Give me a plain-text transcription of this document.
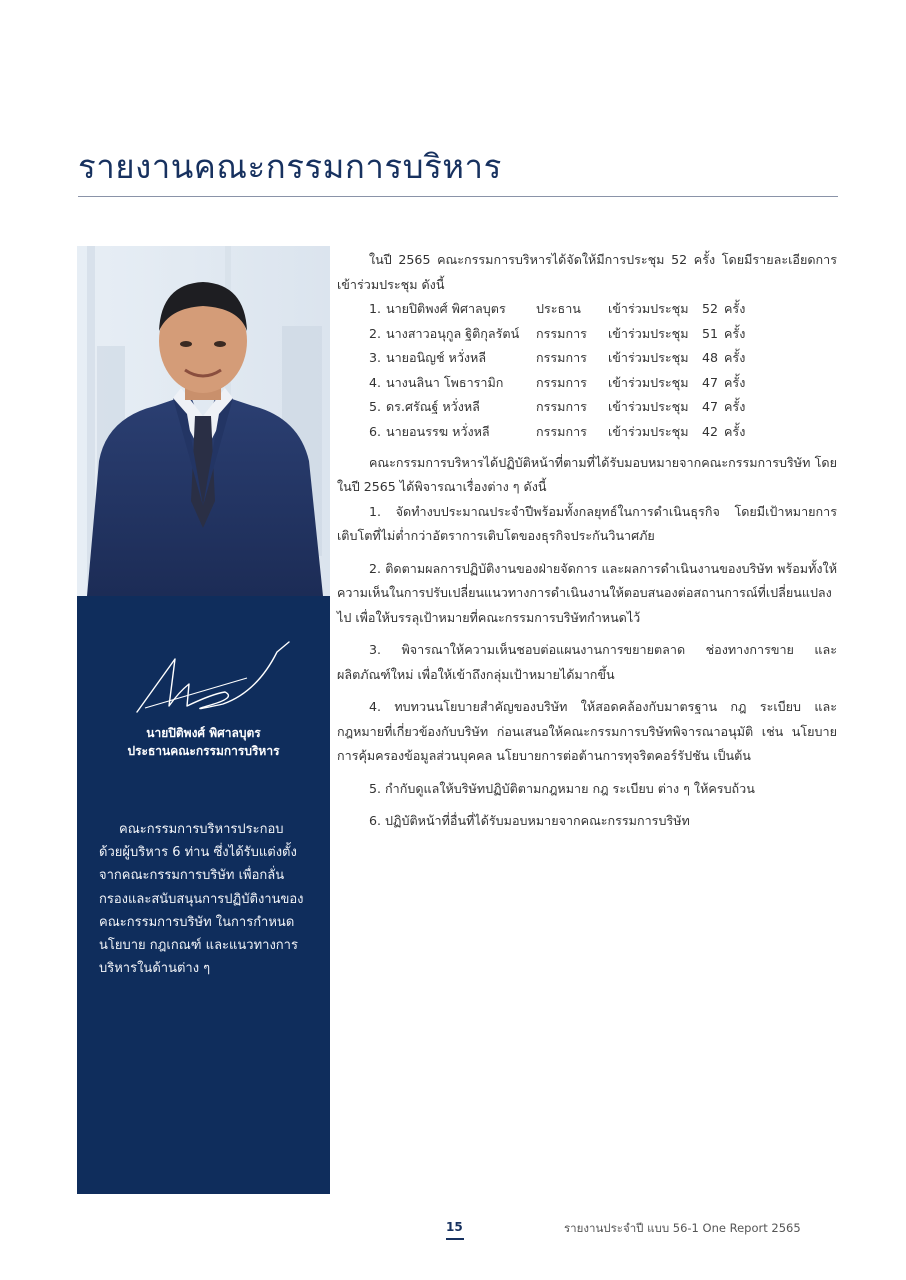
รายงานคณะกรรมการบริหาร
นายปิติพงศ์ พิศาลบุตร
ประธานคณะกรรมการบริหาร
คณะกรรมการบริหารประกอบ
ด้วยผู้บริหาร 6 ท่าน ซึ่งได้รับแต่งตั้ง
จากคณะกรรมการบริษัท เพื่อกลั่น
กรองและสนับสนุนการปฏิบัติงานของ
คณะกรรมการบริษัท ในการกำหนด
นโยบาย กฎเกณฑ์ และแนวทางการ
บริหารในด้านต่าง ๆ
ในปี 2565 คณะกรรมการบริหารได้จัดให้มีการประชุม 52 ครั้ง โดยมีรายละเอียดการเข้าร่วมประชุม ดังนี้
1. นายปิติพงศ์ พิศาลบุตร	ประธาน	เข้าร่วมประชุม	52 ครั้ง
2. นางสาวอนุกูล ฐิติกุลรัตน์	กรรมการ	เข้าร่วมประชุม	51 ครั้ง
3. นายอนิญช์ หวั่งหลี	กรรมการ	เข้าร่วมประชุม	48 ครั้ง
4. นางนลินา โพธารามิก	กรรมการ	เข้าร่วมประชุม	47 ครั้ง
5. ดร.ศรัณฐ์ หวั่งหลี	กรรมการ	เข้าร่วมประชุม	47 ครั้ง
6. นายอนรรฆ หวั่งหลี	กรรมการ	เข้าร่วมประชุม	42 ครั้ง
คณะกรรมการบริหารได้ปฏิบัติหน้าที่ตามที่ได้รับมอบหมายจากคณะกรรมการบริษัท โดยในปี 2565 ได้พิจารณาเรื่องต่าง ๆ ดังนี้
1. จัดทำงบประมาณประจำปีพร้อมทั้งกลยุทธ์ในการดำเนินธุรกิจ โดยมีเป้าหมายการเติบโตที่ไม่ต่ำกว่าอัตราการเติบโตของธุรกิจประกันวินาศภัย
2. ติดตามผลการปฏิบัติงานของฝ่ายจัดการ และผลการดำเนินงานของบริษัท พร้อมทั้งให้ความเห็นในการปรับเปลี่ยนแนวทางการดำเนินงานให้ตอบสนองต่อสถานการณ์ที่เปลี่ยนแปลงไป เพื่อให้บรรลุเป้าหมายที่คณะกรรมการบริษัทกำหนดไว้
3. พิจารณาให้ความเห็นชอบต่อแผนงานการขยายตลาด ช่องทางการขาย และผลิตภัณฑ์ใหม่ เพื่อให้เข้าถึงกลุ่มเป้าหมายได้มากขึ้น
4. ทบทวนนโยบายสำคัญของบริษัท ให้สอดคล้องกับมาตรฐาน กฎ ระเบียบ และกฎหมายที่เกี่ยวข้องกับบริษัท ก่อนเสนอให้คณะกรรมการบริษัทพิจารณาอนุมัติ เช่น นโยบายการคุ้มครองข้อมูลส่วนบุคคล นโยบายการต่อต้านการทุจริตคอร์รัปชัน เป็นต้น
5. กำกับดูแลให้บริษัทปฏิบัติตามกฎหมาย กฎ ระเบียบ ต่าง ๆ ให้ครบถ้วน
6. ปฏิบัติหน้าที่อื่นที่ได้รับมอบหมายจากคณะกรรมการบริษัท
15	รายงานประจำปี แบบ 56-1 One Report 2565
